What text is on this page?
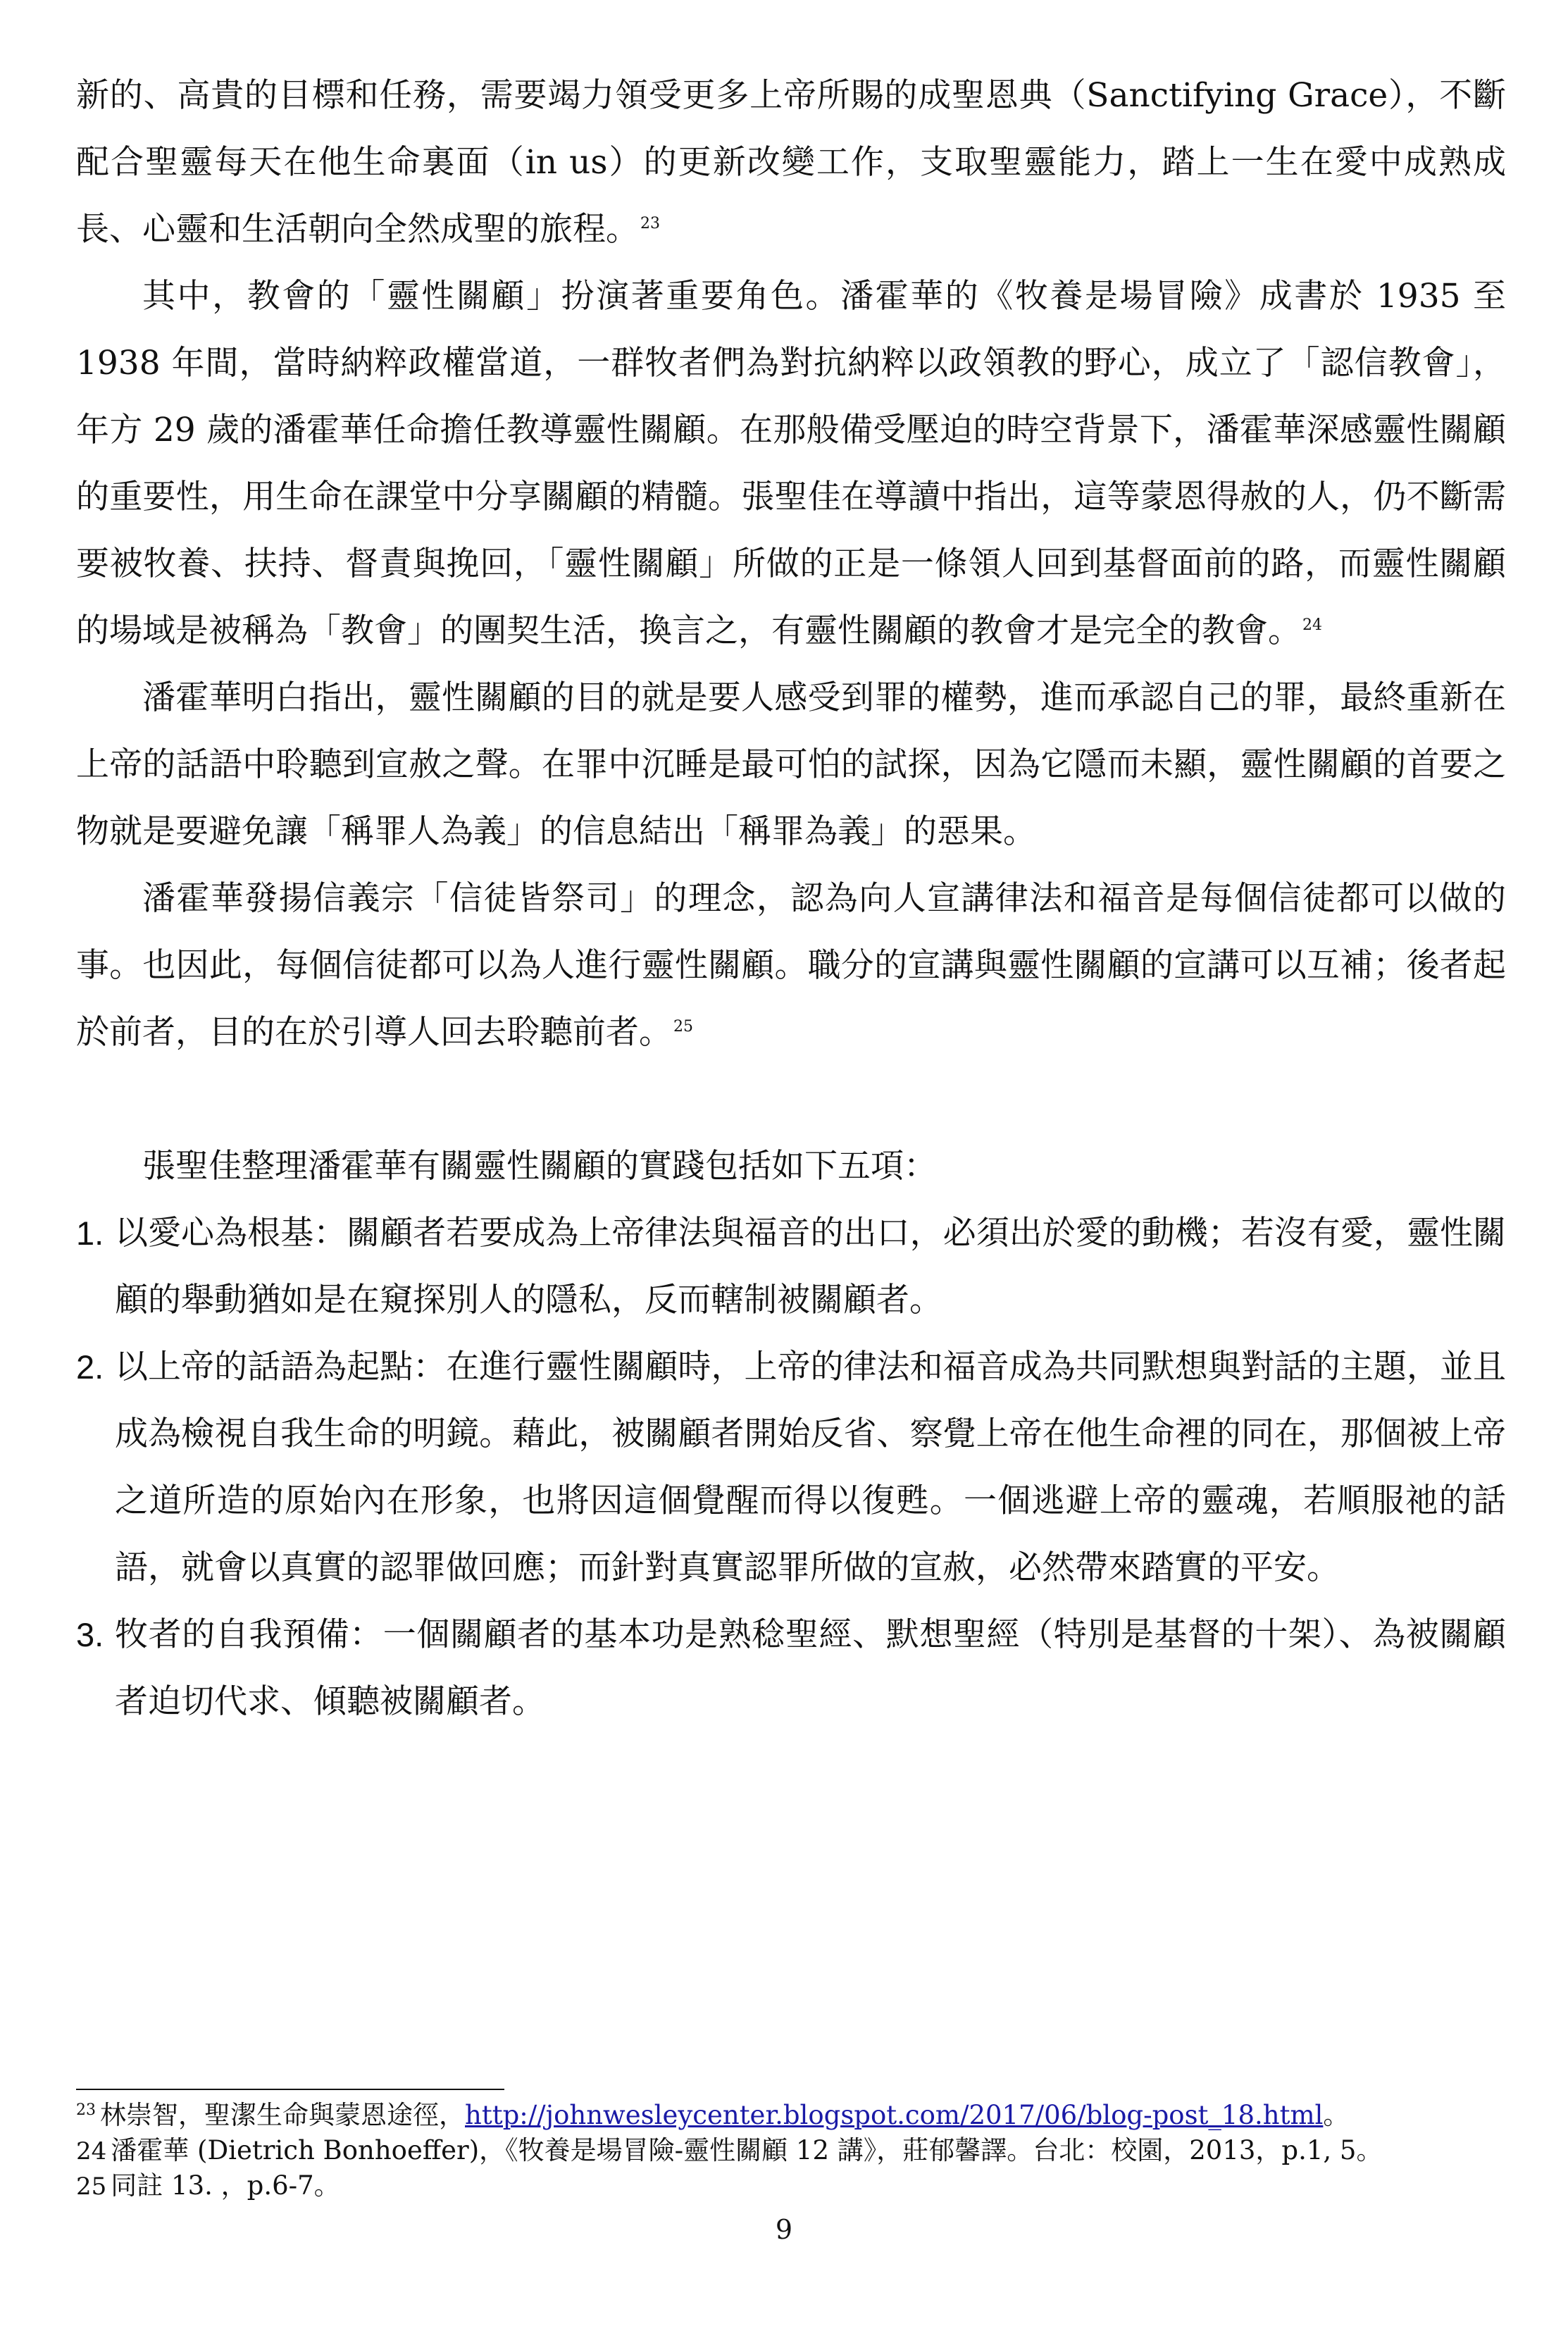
新的、高貴的目標和任務，需要竭力領受更多上帝所賜的成聖恩典（Sanctifying Grace），不斷配合聖靈每天在他生命裏面（in us）的更新改變工作，支取聖靈能力，踏上一生在愛中成熟成長、心靈和生活朝向全然成聖的旅程。$^{23}$

其中，教會的「靈性關顧」扮演著重要角色。潘霍華的《牧養是場冒險》成書於 1935 至 1938 年間，當時納粹政權當道，一群牧者們為對抗納粹以政領教的野心，成立了「認信教會」，年方 29 歲的潘霍華任命擔任教導靈性關顧。在那般備受壓迫的時空背景下，潘霍華深感靈性關顧的重要性，用生命在課堂中分享關顧的精髓。張聖佳在導讀中指出，這等蒙恩得赦的人，仍不斷需要被牧養、扶持、督責與挽回，「靈性關顧」所做的正是一條領人回到基督面前的路，而靈性關顧的場域是被稱為「教會」的團契生活，換言之，有靈性關顧的教會才是完全的教會。$^{24}$

潘霍華明白指出，靈性關顧的目的就是要人感受到罪的權勢，進而承認自己的罪，最終重新在上帝的話語中聆聽到宣赦之聲。在罪中沉睡是最可怕的試探，因為它隱而未顯，靈性關顧的首要之物就是要避免讓「稱罪人為義」的信息結出「稱罪為義」的惡果。

潘霍華發揚信義宗「信徒皆祭司」的理念，認為向人宣講律法和福音是每個信徒都可以做的事。也因此，每個信徒都可以為人進行靈性關顧。職分的宣講與靈性關顧的宣講可以互補；後者起於前者，目的在於引導人回去聆聽前者。$^{25}$

張聖佳整理潘霍華有關靈性關顧的實踐包括如下五項：

1. 以愛心為根基：關顧者若要成為上帝律法與福音的出口，必須出於愛的動機；若沒有愛，靈性關顧的舉動猶如是在窺探別人的隱私，反而轄制被關顧者。
2. 以上帝的話語為起點：在進行靈性關顧時，上帝的律法和福音成為共同默想與對話的主題，並且成為檢視自我生命的明鏡。藉此，被關顧者開始反省、察覺上帝在他生命裡的同在，那個被上帝之道所造的原始內在形象，也將因這個覺醒而得以復甦。一個逃避上帝的靈魂，若順服祂的話語，就會以真實的認罪做回應；而針對真實認罪所做的宣赦，必然帶來踏實的平安。
3. 牧者的自我預備：一個關顧者的基本功是熟稔聖經、默想聖經（特別是基督的十架）、為被關顧者迫切代求、傾聽被關顧者。

$^{23}$ 林崇智，聖潔生命與蒙恩途徑，http://johnwesleycenter.blogspot.com/2017/06/blog-post_18.html。

24 潘霍華 (Dietrich Bonhoeffer)，《牧養是場冒險-靈性關顧 12 講》，莊郁馨譯。台北：校園，2013，p.1, 5。

25 同註 13. ，p.6-7。

9
